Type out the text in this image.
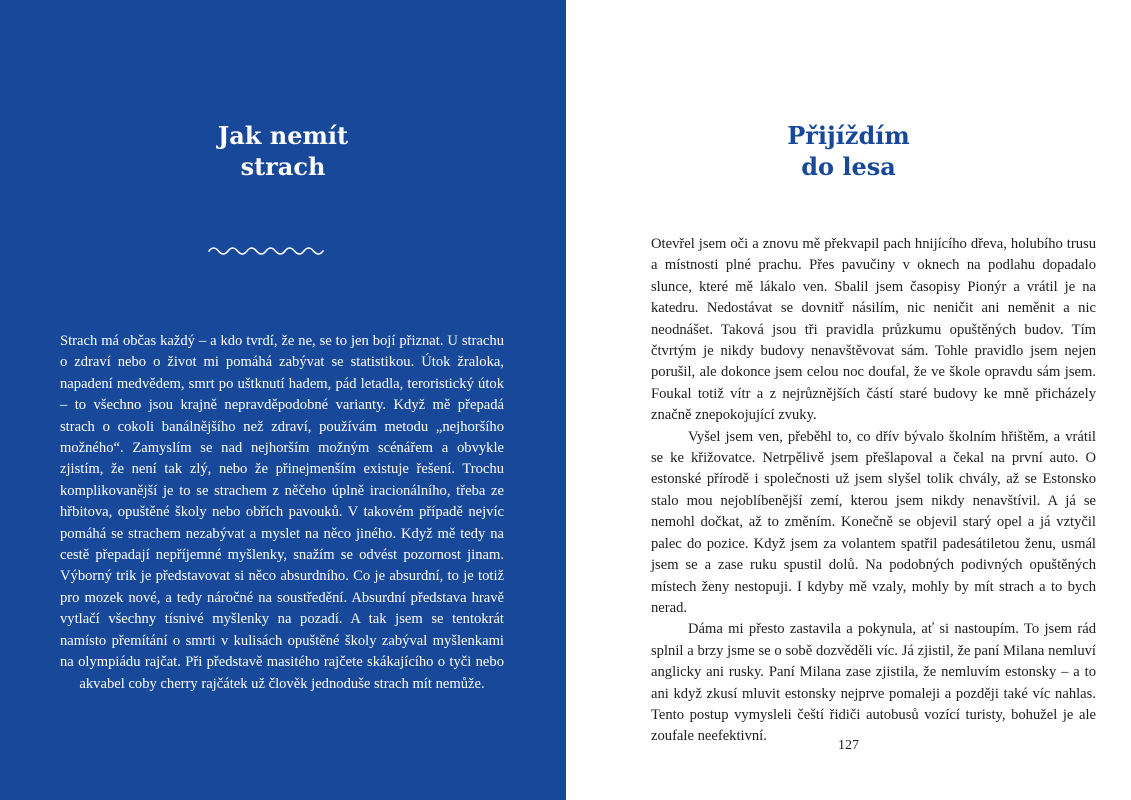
Jak nemít
strach

Strach má občas každý – a kdo tvrdí, že ne, se to jen bojí přiznat. U strachu o zdraví nebo o život mi pomáhá zabývat se statistikou. Útok žraloka, napadení medvědem, smrt po uštknutí hadem, pád letadla, teroristický útok – to všechno jsou krajně nepravděpodobné varianty. Když mě přepadá strach o cokoli banálnějšího než zdraví, používám metodu „nejhoršího možného“. Zamyslím se nad nejhorším možným scénářem a obvykle zjistím, že není tak zlý, nebo že přinejmenším existuje řešení. Trochu komplikovanější je to se strachem z něčeho úplně iracionálního, třeba ze hřbitova, opuštěné školy nebo obřích pavouků. V takovém případě nejvíc pomáhá se strachem nezabývat a myslet na něco jiného. Když mě tedy na cestě přepadají nepříjemné myšlenky, snažím se odvést pozornost jinam. Výborný trik je představovat si něco absurdního. Co je absurdní, to je totiž pro mozek nové, a tedy náročné na soustředění. Absurdní představa hravě vytlačí všechny tísnivé myšlenky na pozadí. A tak jsem se tentokrát namísto přemítání o smrti v kulisách opuštěné školy zabýval myšlenkami na olympiádu rajčat. Při představě masitého rajčete skákajícího o tyči nebo akvabel coby cherry rajčátek už člověk jednoduše strach mít nemůže.

Přijíždím
do lesa
127

Otevřel jsem oči a znovu mě překvapil pach hnijícího dřeva, holubího trusu a místnosti plné prachu. Přes pavučiny v oknech na podlahu dopadalo slunce, které mě lákalo ven. Sbalil jsem časopisy Pionýr a vrátil je na katedru. Nedostávat se dovnitř násilím, nic neničit ani neměnit a nic neodnášet. Taková jsou tři pravidla průzkumu opuštěných budov. Tím čtvrtým je nikdy budovy nenavštěvovat sám. Tohle pravidlo jsem nejen porušil, ale dokonce jsem celou noc doufal, že ve škole opravdu sám jsem. Foukal totiž vítr a z nejrůznějších částí staré budovy ke mně přicházely značně znepokojující zvuky.

Vyšel jsem ven, přeběhl to, co dřív bývalo školním hřištěm, a vrátil se ke křižovatce. Netrpělivě jsem přešlapoval a čekal na první auto. O estonské přírodě i společnosti už jsem slyšel tolik chvály, až se Estonsko stalo mou nejoblíbenější zemí, kterou jsem nikdy nenavštívil. A já se nemohl dočkat, až to změním. Konečně se objevil starý opel a já vztyčil palec do pozice. Když jsem za volantem spatřil padesátiletou ženu, usmál jsem se a zase ruku spustil dolů. Na podobných podivných opuštěných místech ženy nestopuji. I kdyby mě vzaly, mohly by mít strach a to bych nerad.

Dáma mi přesto zastavila a pokynula, ať si nastoupím. To jsem rád splnil a brzy jsme se o sobě dozvěděli víc. Já zjistil, že paní Milana nemluví anglicky ani rusky. Paní Milana zase zjistila, že nemluvím estonsky – a to ani když zkusí mluvit estonsky nejprve pomaleji a později také víc nahlas. Tento postup vymysleli čeští řidiči autobusů vozící turisty, bohužel je ale zoufale neefektivní.
